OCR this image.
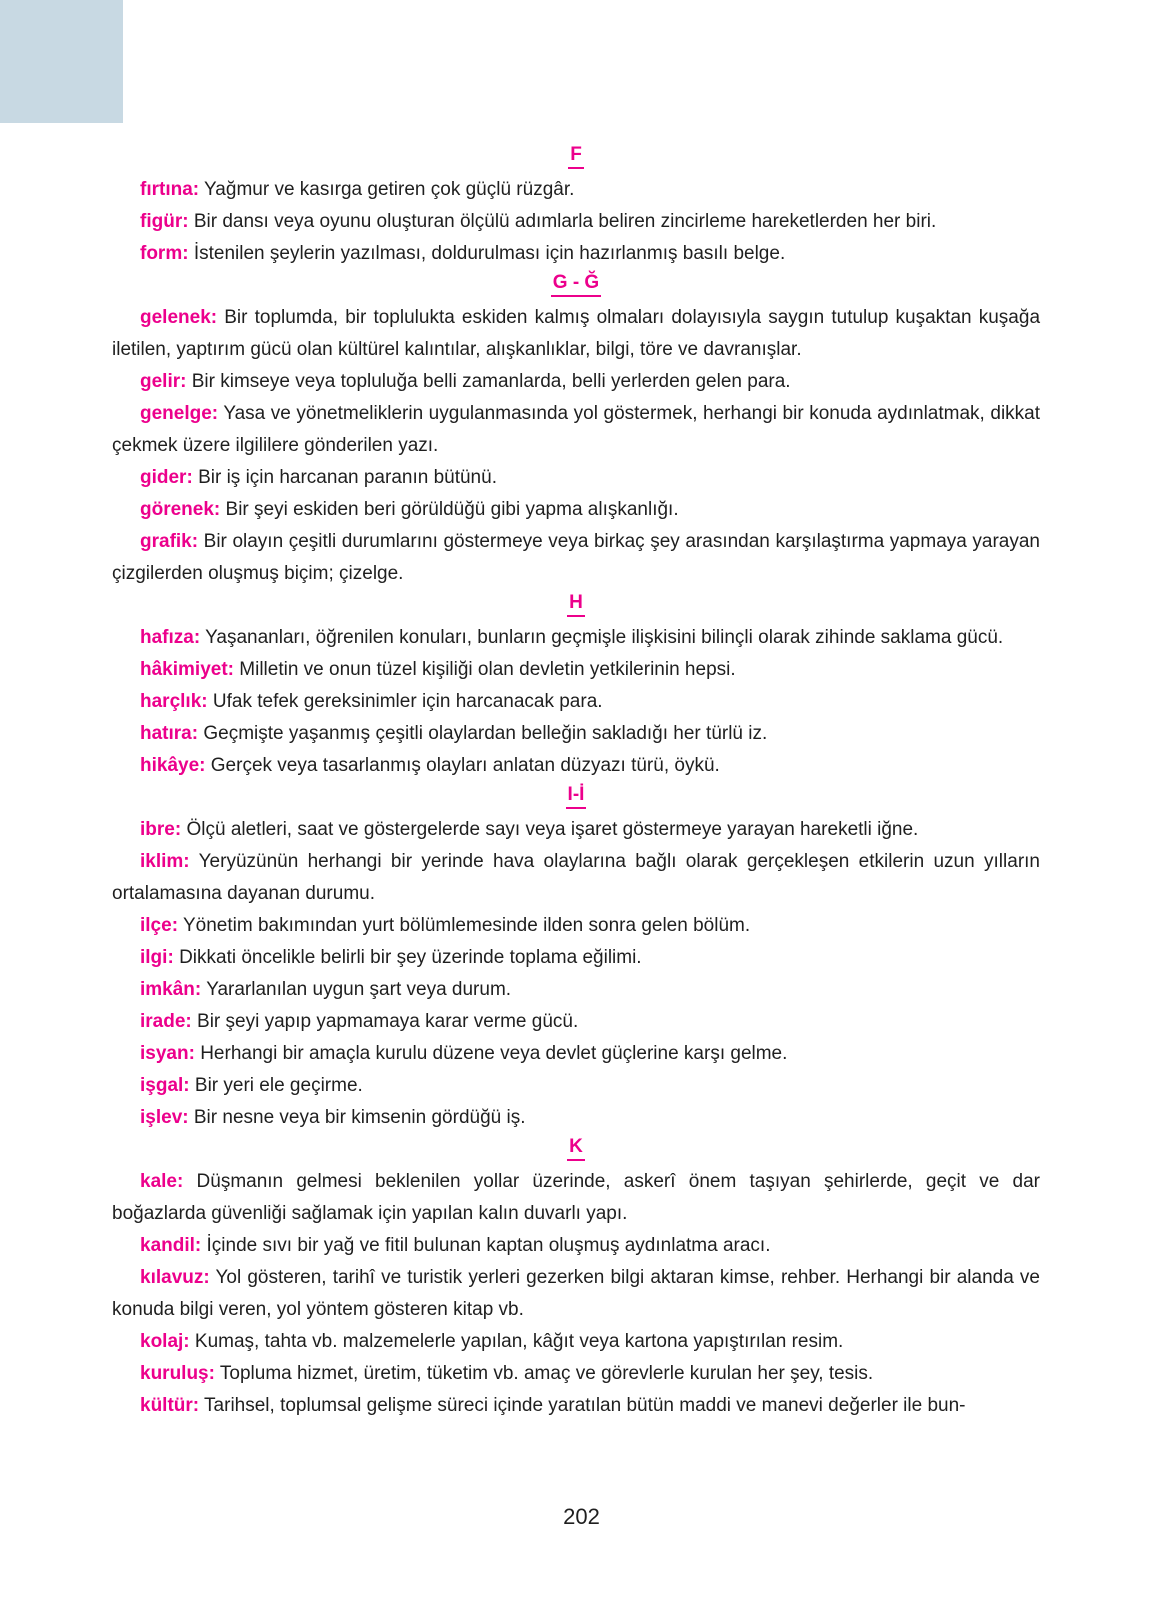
F

fırtına: Yağmur ve kasırga getiren çok güçlü rüzgâr.

figür: Bir dansı veya oyunu oluşturan ölçülü adımlarla beliren zincirleme hareketlerden her biri.

form: İstenilen şeylerin yazılması, doldurulması için hazırlanmış basılı belge.

G - Ğ

gelenek: Bir toplumda, bir toplulukta eskiden kalmış olmaları dolayısıyla saygın tutulup kuşaktan kuşağa iletilen, yaptırım gücü olan kültürel kalıntılar, alışkanlıklar, bilgi, töre ve davranışlar.

gelir: Bir kimseye veya topluluğa belli zamanlarda, belli yerlerden gelen para.

genelge: Yasa ve yönetmeliklerin uygulanmasında yol göstermek, herhangi bir konuda aydınlatmak, dikkat çekmek üzere ilgililere gönderilen yazı.

gider: Bir iş için harcanan paranın bütünü.

görenek: Bir şeyi eskiden beri görüldüğü gibi yapma alışkanlığı.

grafik: Bir olayın çeşitli durumlarını göstermeye veya birkaç şey arasından karşılaştırma yapmaya yarayan çizgilerden oluşmuş biçim; çizelge.

H

hafıza: Yaşananları, öğrenilen konuları, bunların geçmişle ilişkisini bilinçli olarak zihinde saklama gücü.

hâkimiyet: Milletin ve onun tüzel kişiliği olan devletin yetkilerinin hepsi.

harçlık: Ufak tefek gereksinimler için harcanacak para.

hatıra: Geçmişte yaşanmış çeşitli olaylardan belleğin sakladığı her türlü iz.

hikâye: Gerçek veya tasarlanmış olayları anlatan düzyazı türü, öykü.

I-İ

ibre: Ölçü aletleri, saat ve göstergelerde sayı veya işaret göstermeye yarayan hareketli iğne.

iklim: Yeryüzünün herhangi bir yerinde hava olaylarına bağlı olarak gerçekleşen etkilerin uzun yılların ortalamasına dayanan durumu.

ilçe: Yönetim bakımından yurt bölümlemesinde ilden sonra gelen bölüm.

ilgi: Dikkati öncelikle belirli bir şey üzerinde toplama eğilimi.

imkân: Yararlanılan uygun şart veya durum.

irade: Bir şeyi yapıp yapmamaya karar verme gücü.

isyan: Herhangi bir amaçla kurulu düzene veya devlet güçlerine karşı gelme.

işgal: Bir yeri ele geçirme.

işlev: Bir nesne veya bir kimsenin gördüğü iş.

K

kale: Düşmanın gelmesi beklenilen yollar üzerinde, askerî önem taşıyan şehirlerde, geçit ve dar boğazlarda güvenliği sağlamak için yapılan kalın duvarlı yapı.

kandil: İçinde sıvı bir yağ ve fitil bulunan kaptan oluşmuş aydınlatma aracı.

kılavuz: Yol gösteren, tarihî ve turistik yerleri gezerken bilgi aktaran kimse, rehber. Herhangi bir alanda ve konuda bilgi veren, yol yöntem gösteren kitap vb.

kolaj: Kumaş, tahta vb. malzemelerle yapılan, kâğıt veya kartona yapıştırılan resim.

kuruluş: Topluma hizmet, üretim, tüketim vb. amaç ve görevlerle kurulan her şey, tesis.

kültür: Tarihsel, toplumsal gelişme süreci içinde yaratılan bütün maddi ve manevi değerler ile bun-

202
